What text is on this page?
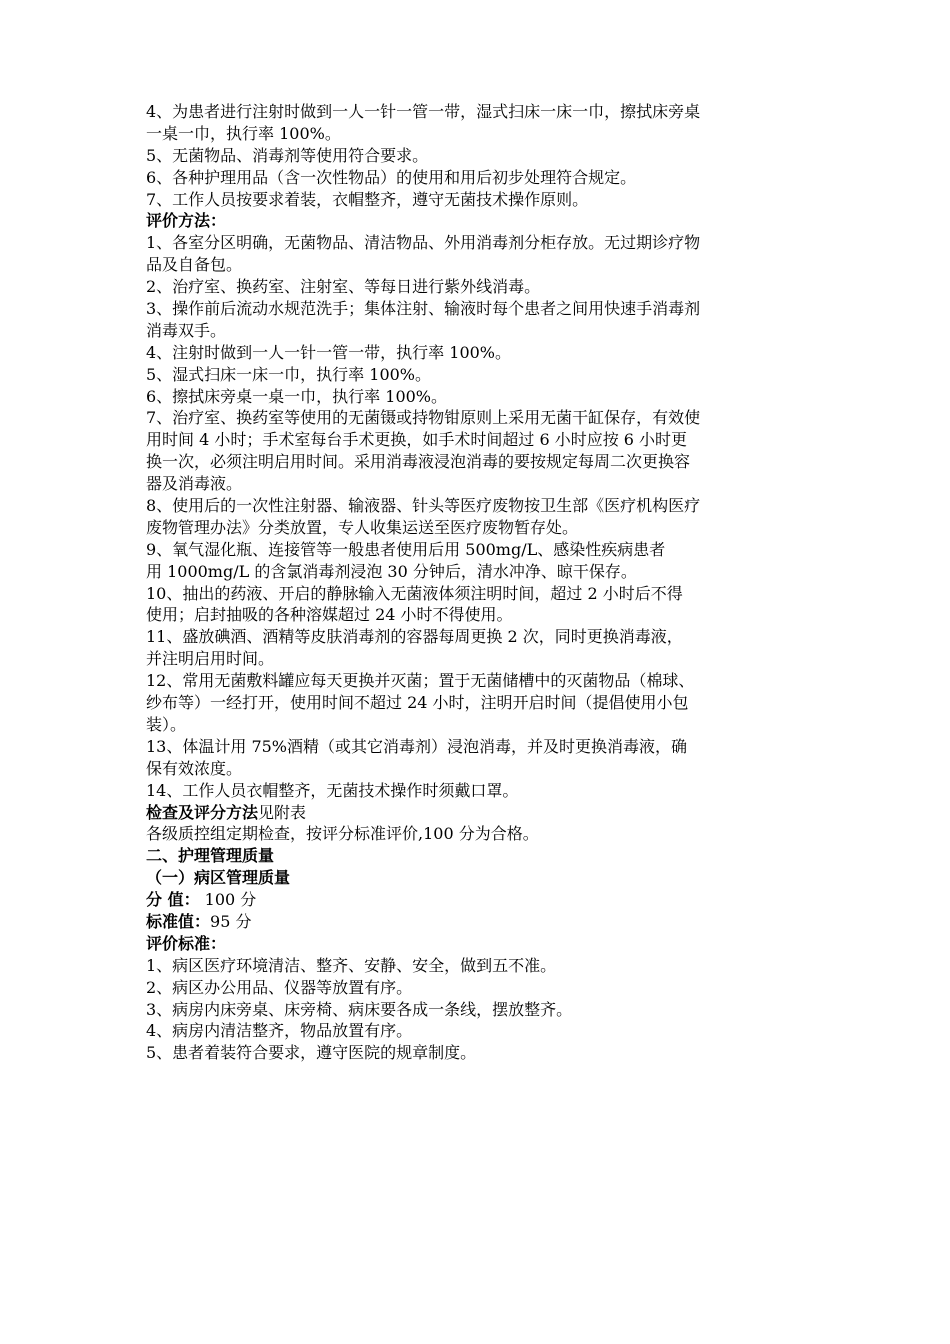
4、为患者进行注射时做到一人一针一管一带，湿式扫床一床一巾，擦拭床旁桌

一桌一巾，执行率 100%。

5、无菌物品、消毒剂等使用符合要求。

6、各种护理用品（含一次性物品）的使用和用后初步处理符合规定。

7、工作人员按要求着装，衣帽整齐，遵守无菌技术操作原则。

评价方法：

1、各室分区明确，无菌物品、清洁物品、外用消毒剂分柜存放。无过期诊疗物

品及自备包。

2、治疗室、换药室、注射室、等每日进行紫外线消毒。

3、操作前后流动水规范洗手；集体注射、输液时每个患者之间用快速手消毒剂

消毒双手。

4、注射时做到一人一针一管一带，执行率 100%。

5、湿式扫床一床一巾，执行率 100%。

6、擦拭床旁桌一桌一巾，执行率 100%。

7、治疗室、换药室等使用的无菌镊或持物钳原则上采用无菌干缸保存，有效使

用时间 4 小时；手术室每台手术更换，如手术时间超过 6 小时应按 6 小时更

换一次，必须注明启用时间。采用消毒液浸泡消毒的要按规定每周二次更换容

器及消毒液。

8、使用后的一次性注射器、输液器、针头等医疗废物按卫生部《医疗机构医疗

废物管理办法》分类放置，专人收集运送至医疗废物暂存处。

9、氧气湿化瓶、连接管等一般患者使用后用 500mg/L、感染性疾病患者

用 1000mg/L 的含氯消毒剂浸泡 30 分钟后，清水冲净、晾干保存。

10、抽出的药液、开启的静脉输入无菌液体须注明时间，超过 2 小时后不得

使用；启封抽吸的各种溶媒超过 24 小时不得使用。

11、盛放碘酒、酒精等皮肤消毒剂的容器每周更换 2 次，同时更换消毒液，

并注明启用时间。

12、常用无菌敷料罐应每天更换并灭菌；置于无菌储槽中的灭菌物品（棉球、

纱布等）一经打开，使用时间不超过 24 小时，注明开启时间（提倡使用小包

装）。

13、体温计用 75%酒精（或其它消毒剂）浸泡消毒，并及时更换消毒液，确

保有效浓度。

14、工作人员衣帽整齐，无菌技术操作时须戴口罩。

检查及评分方法见附表

各级质控组定期检查，按评分标准评价,100 分为合格。

二、护理管理质量

（一）病区管理质量

分 值： 100 分

标准值：95 分

评价标准：

1、病区医疗环境清洁、整齐、安静、安全，做到五不准。

2、病区办公用品、仪器等放置有序。

3、病房内床旁桌、床旁椅、病床要各成一条线，摆放整齐。

4、病房内清洁整齐，物品放置有序。

5、患者着装符合要求，遵守医院的规章制度。
